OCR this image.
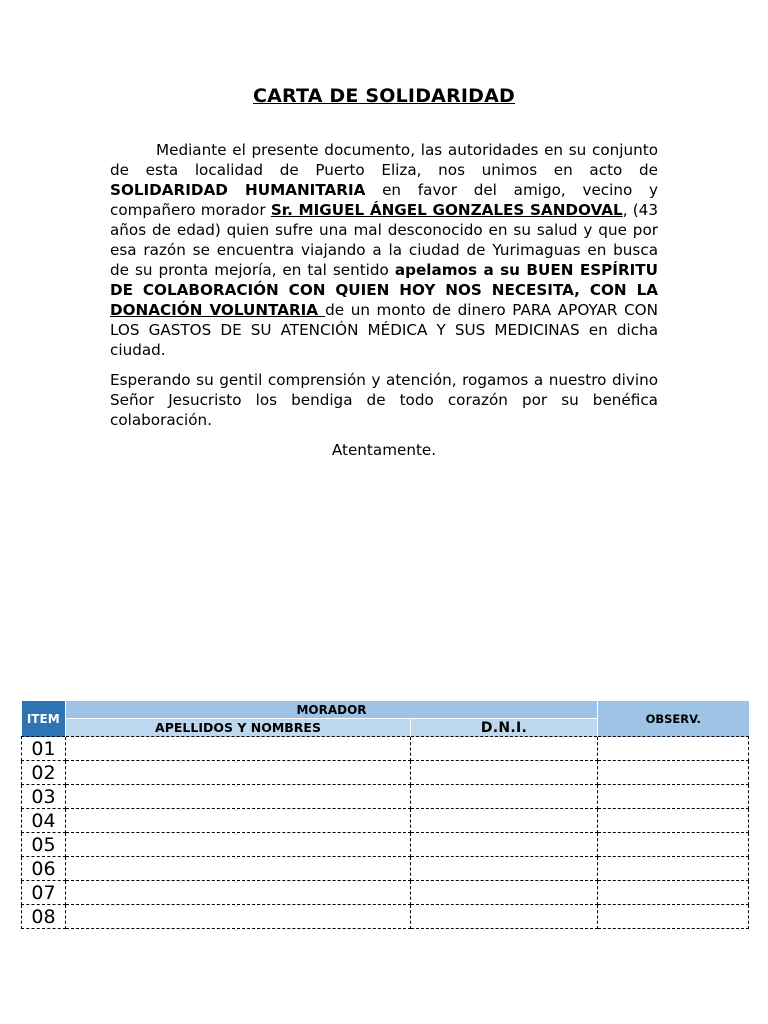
CARTA DE SOLIDARIDAD

Mediante el presente documento, las autoridades en su conjunto de esta localidad de Puerto Eliza, nos unimos en acto de SOLIDARIDAD HUMANITARIA en favor del amigo, vecino y compañero morador Sr. MIGUEL ÁNGEL GONZALES SANDOVAL, (43 años de edad) quien sufre una mal desconocido en su salud y que por esa razón se encuentra viajando a la ciudad de Yurimaguas en busca de su pronta mejoría, en tal sentido apelamos a su BUEN ESPÍRITU DE COLABORACIÓN CON QUIEN HOY NOS NECESITA, CON LA DONACIÓN VOLUNTARIA de un monto de dinero PARA APOYAR CON LOS GASTOS DE SU ATENCIÓN MÉDICA Y SUS MEDICINAS en dicha ciudad.

Esperando su gentil comprensión y atención, rogamos a nuestro divino Señor Jesucristo los bendiga de todo corazón por su benéfica colaboración.

Atentamente.

ITEM	MORADOR		OBSERV.
	APELLIDOS Y NOMBRES	D.N.I.	
01			
02			
03			
04			
05			
06			
07			
08			
